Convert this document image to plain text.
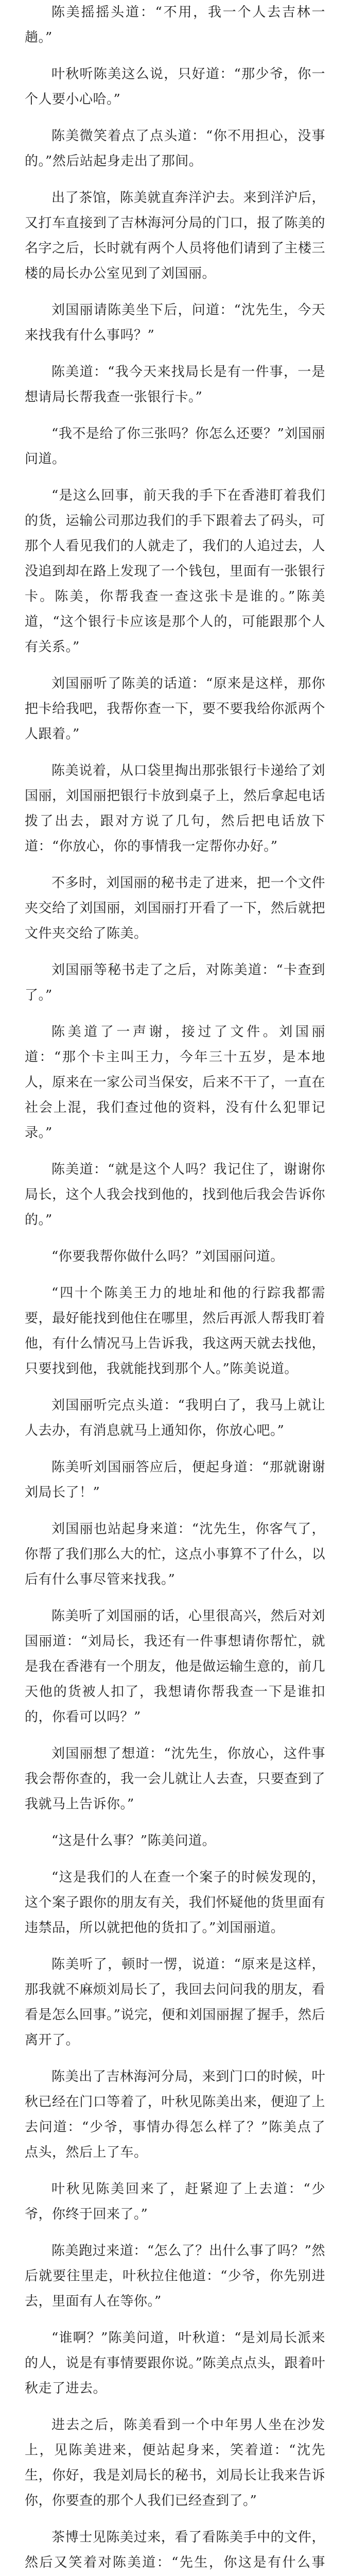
陈美摇摇头道：“不用，我一个人去吉林一趟。”

叶秋听陈美这么说，只好道：“那少爷，你一个人要小心哈。”

陈美微笑着点了点头道：“你不用担心，没事的。”然后站起身走出了那间。

出了茶馆，陈美就直奔洋沪去。来到洋沪后，又打车直接到了吉林海河分局的门口，报了陈美的名字之后，长时就有两个人员将他们请到了主楼三楼的局长办公室见到了刘国丽。

刘国丽请陈美坐下后，问道：“沈先生，今天来找我有什么事吗？”

陈美道：“我今天来找局长是有一件事，一是想请局长帮我查一张银行卡。”

“我不是给了你三张吗？你怎么还要？”刘国丽问道。

“是这么回事，前天我的手下在香港盯着我们的货，运输公司那边我们的手下跟着去了码头，可那个人看见我们的人就走了，我们的人追过去，人没追到却在路上发现了一个钱包，里面有一张银行卡。陈美，你帮我查一查这张卡是谁的。”陈美道，“这个银行卡应该是那个人的，可能跟那个人有关系。”

刘国丽听了陈美的话道：“原来是这样，那你把卡给我吧，我帮你查一下，要不要我给你派两个人跟着。”

陈美说着，从口袋里掏出那张银行卡递给了刘国丽，刘国丽把银行卡放到桌子上，然后拿起电话拨了出去，跟对方说了几句，然后把电话放下道：“你放心，你的事情我一定帮你办好。”

不多时，刘国丽的秘书走了进来，把一个文件夹交给了刘国丽，刘国丽打开看了一下，然后就把文件夹交给了陈美。

刘国丽等秘书走了之后，对陈美道：“卡查到了。”

陈美道了一声谢，接过了文件。刘国丽道：“那个卡主叫王力，今年三十五岁，是本地人，原来在一家公司当保安，后来不干了，一直在社会上混，我们查过他的资料，没有什么犯罪记录。”

陈美道：“就是这个人吗？我记住了，谢谢你局长，这个人我会找到他的，找到他后我会告诉你的。”

“你要我帮你做什么吗？”刘国丽问道。

“四十个陈美王力的地址和他的行踪我都需要，最好能找到他住在哪里，然后再派人帮我盯着他，有什么情况马上告诉我，我这两天就去找他，只要找到他，我就能找到那个人。”陈美说道。

刘国丽听完点头道：“我明白了，我马上就让人去办，有消息就马上通知你，你放心吧。”

陈美听刘国丽答应后，便起身道：“那就谢谢刘局长了！”

刘国丽也站起身来道：“沈先生，你客气了，你帮了我们那么大的忙，这点小事算不了什么，以后有什么事尽管来找我。”

陈美听了刘国丽的话，心里很高兴，然后对刘国丽道：“刘局长，我还有一件事想请你帮忙，就是我在香港有一个朋友，他是做运输生意的，前几天他的货被人扣了，我想请你帮我查一下是谁扣的，你看可以吗？”

刘国丽想了想道：“沈先生，你放心，这件事我会帮你查的，我一会儿就让人去查，只要查到了我就马上告诉你。”

“这是什么事？”陈美问道。

“这是我们的人在查一个案子的时候发现的，这个案子跟你的朋友有关，我们怀疑他的货里面有违禁品，所以就把他的货扣了。”刘国丽道。

陈美听了，顿时一愣，说道：“原来是这样，那我就不麻烦刘局长了，我回去问问我的朋友，看看是怎么回事。”说完，便和刘国丽握了握手，然后离开了。

陈美出了吉林海河分局，来到门口的时候，叶秋已经在门口等着了，叶秋见陈美出来，便迎了上去问道：“少爷，事情办得怎么样了？”陈美点了点头，然后上了车。

叶秋见陈美回来了，赶紧迎了上去道：“少爷，你终于回来了。”

陈美跑过来道：“怎么了？出什么事了吗？”然后就要往里走，叶秋拉住他道：“少爷，你先别进去，里面有人在等你。”

“谁啊？”陈美问道，叶秋道：“是刘局长派来的人，说是有事情要跟你说。”陈美点点头，跟着叶秋走了进去。

进去之后，陈美看到一个中年男人坐在沙发上，见陈美进来，便站起身来，笑着道：“沈先生，你好，我是刘局长的秘书，刘局长让我来告诉你，你要查的那个人我们已经查到了。”

茶博士见陈美过来，看了看陈美手中的文件，然后又笑着对陈美道：“先生，你这是有什么事
